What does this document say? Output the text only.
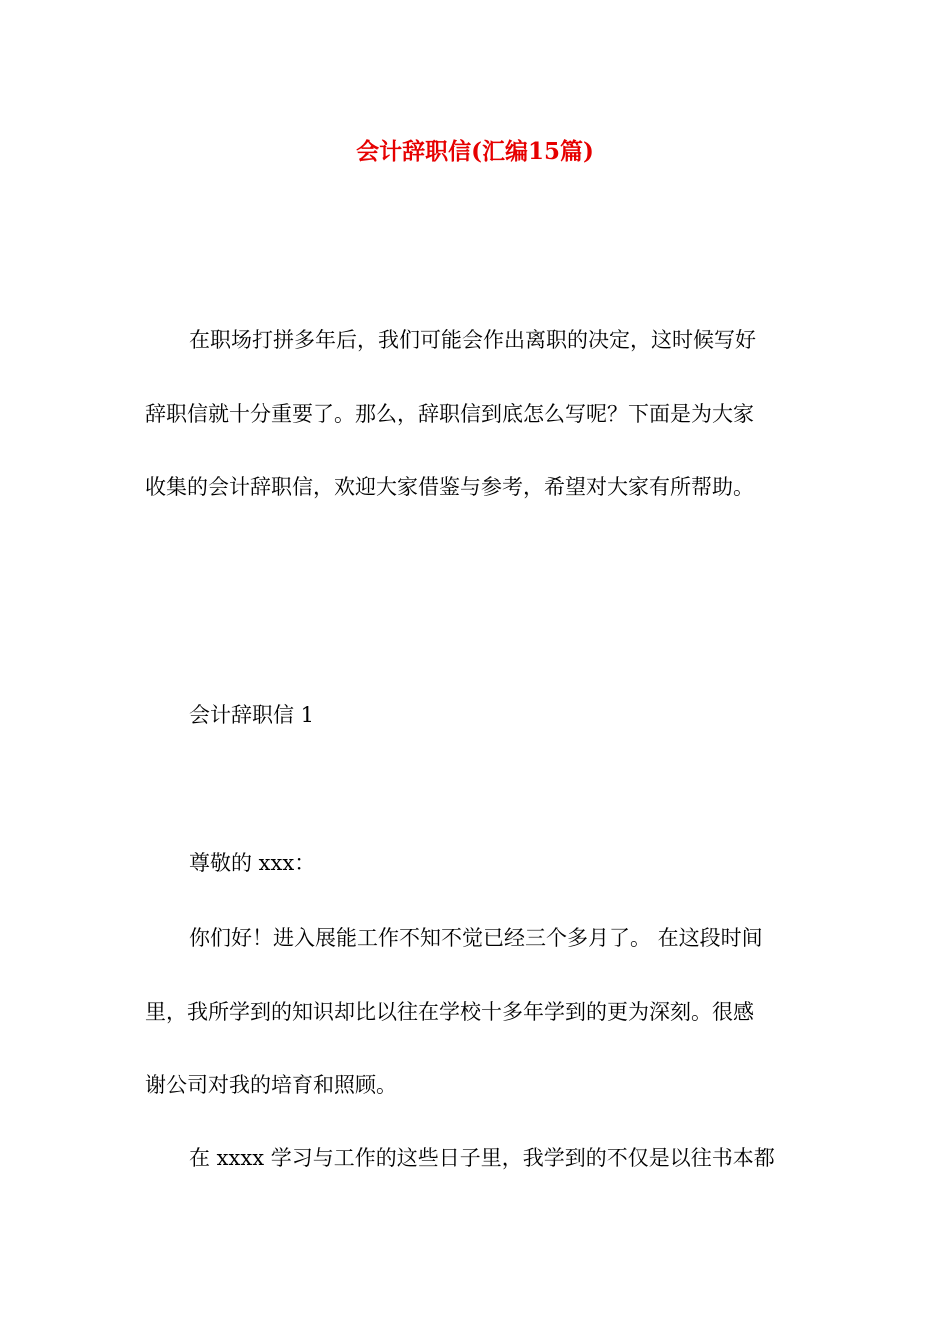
会计辞职信(汇编15篇)
在职场打拼多年后，我们可能会作出离职的决定，这时候写好
辞职信就十分重要了。那么，辞职信到底怎么写呢？下面是为大家
收集的会计辞职信，欢迎大家借鉴与参考，希望对大家有所帮助。
会计辞职信 1
尊敬的 xxx：
你们好！进入展能工作不知不觉已经三个多月了。 在这段时间
里，我所学到的知识却比以往在学校十多年学到的更为深刻。很感
谢公司对我的培育和照顾。
在 xxxx 学习与工作的这些日子里，我学到的不仅是以往书本都
